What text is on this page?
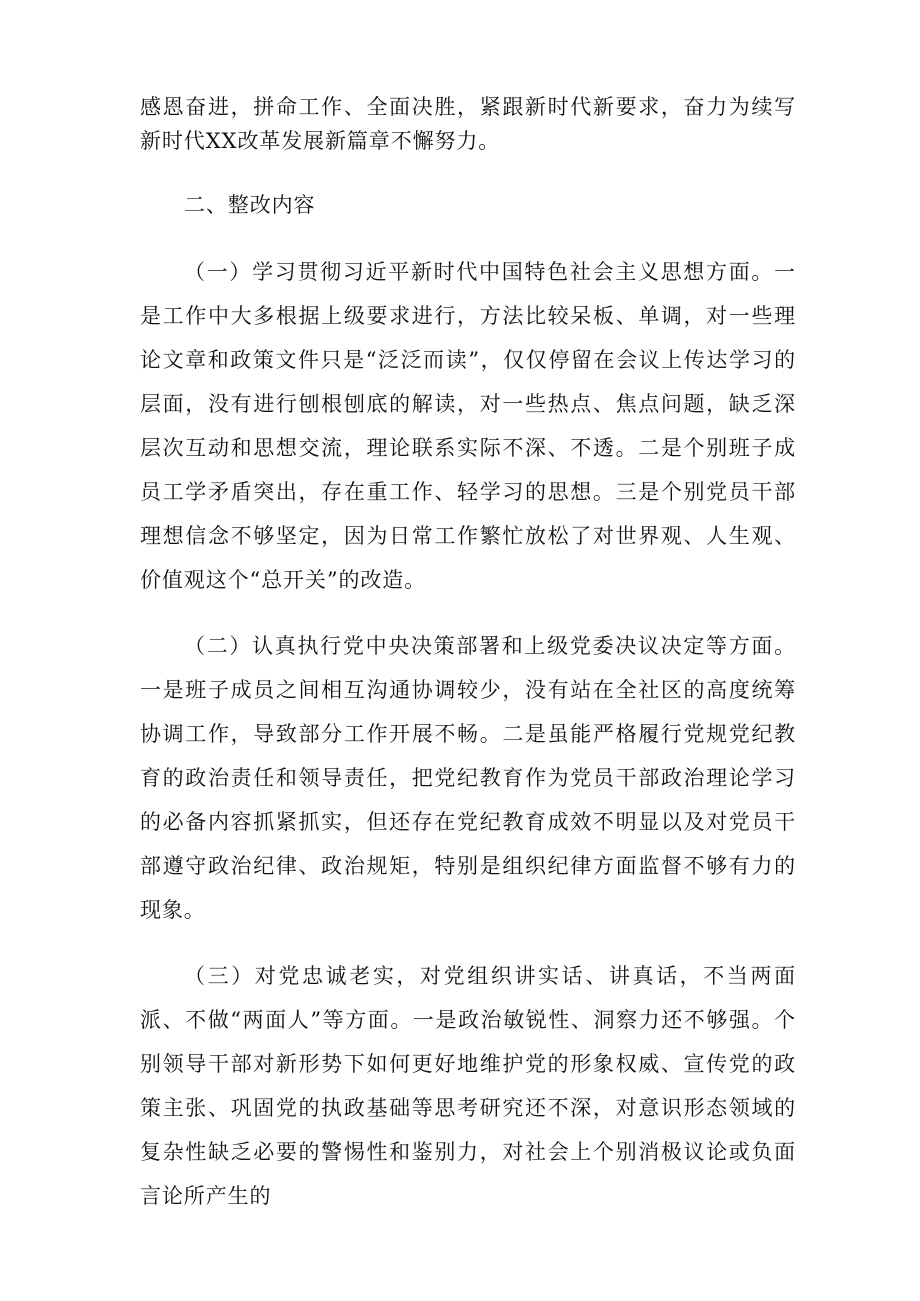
感恩奋进，拼命工作、全面决胜，紧跟新时代新要求，奋力为续写新时代XX改革发展新篇章不懈努力。

二、整改内容

（一）学习贯彻习近平新时代中国特色社会主义思想方面。一是工作中大多根据上级要求进行，方法比较呆板、单调，对一些理论文章和政策文件只是“泛泛而读”，仅仅停留在会议上传达学习的层面，没有进行刨根刨底的解读，对一些热点、焦点问题，缺乏深层次互动和思想交流，理论联系实际不深、不透。二是个别班子成员工学矛盾突出，存在重工作、轻学习的思想。三是个别党员干部理想信念不够坚定，因为日常工作繁忙放松了对世界观、人生观、价值观这个“总开关”的改造。

（二）认真执行党中央决策部署和上级党委决议决定等方面。一是班子成员之间相互沟通协调较少，没有站在全社区的高度统筹协调工作，导致部分工作开展不畅。二是虽能严格履行党规党纪教育的政治责任和领导责任，把党纪教育作为党员干部政治理论学习的必备内容抓紧抓实，但还存在党纪教育成效不明显以及对党员干部遵守政治纪律、政治规矩，特别是组织纪律方面监督不够有力的现象。

（三）对党忠诚老实，对党组织讲实话、讲真话，不当两面派、不做“两面人”等方面。一是政治敏锐性、洞察力还不够强。个别领导干部对新形势下如何更好地维护党的形象权威、宣传党的政策主张、巩固党的执政基础等思考研究还不深，对意识形态领域的复杂性缺乏必要的警惕性和鉴别力，对社会上个别消极议论或负面言论所产生的
